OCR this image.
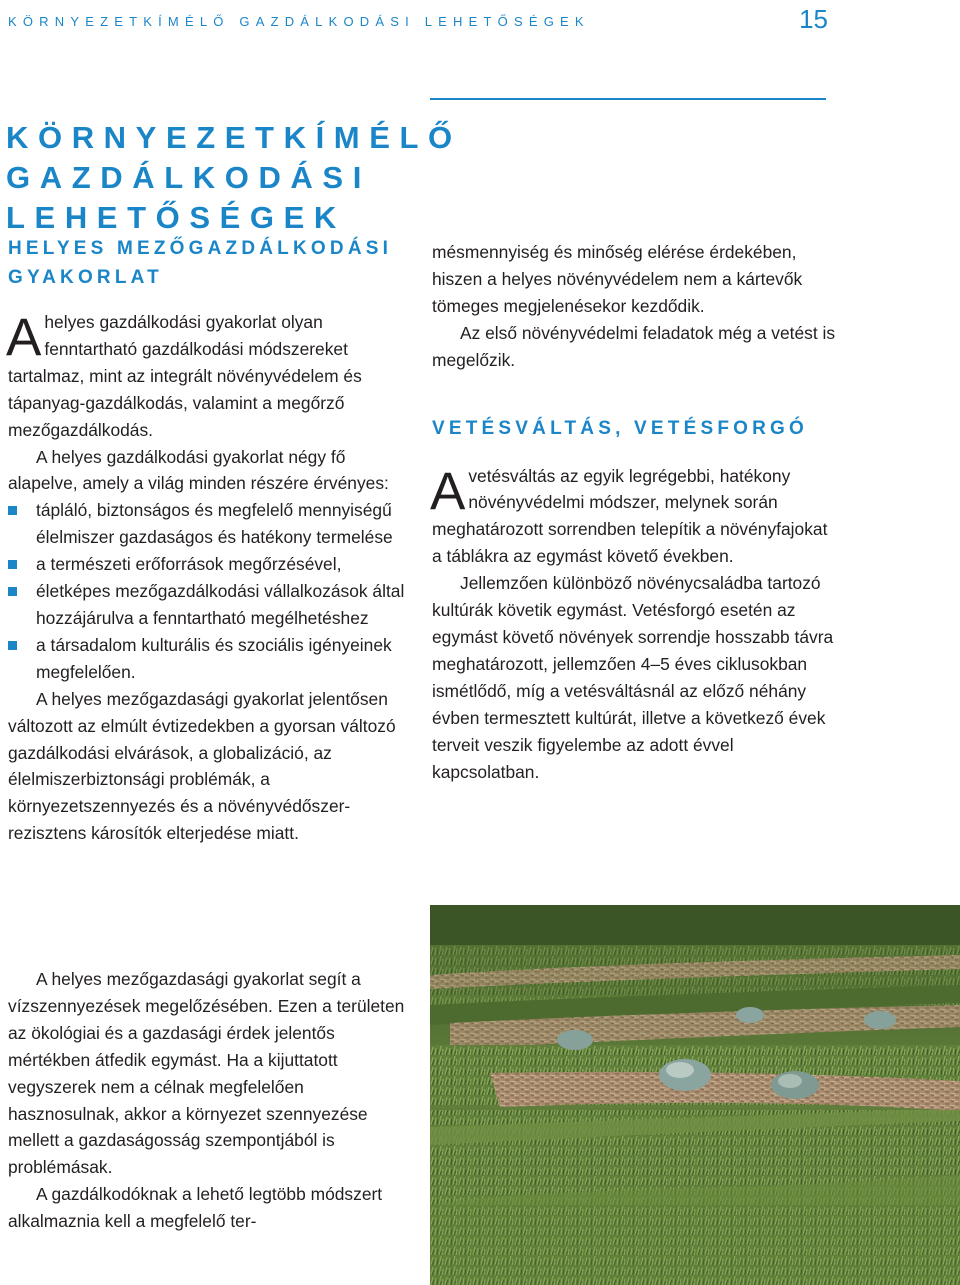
KÖRNYEZETKÍMÉLŐ GAZDÁLKODÁSI LEHETŐSÉGEK	15
KÖRNYEZETKÍMÉLŐ GAZDÁLKODÁSI
LEHETŐSÉGEK
HELYES MEZŐGAZDÁLKODÁSI
GYAKORLAT

Ahelyes gazdálkodási gyakorlat olyan fenntartható gazdálkodási módszereket tartalmaz, mint az integrált növényvédelem és tápanyag-gazdálkodás, valamint a megőrző mezőgazdálkodás.

A helyes gazdálkodási gyakorlat négy fő alapelve, amely a világ minden részére érvényes:

tápláló, biztonságos és megfelelő mennyiségű élelmiszer gazdaságos és hatékony termelése
a természeti erőforrások megőrzésével,
életképes mezőgazdálkodási vállalkozások által hozzájárulva a fenntartható megélhetéshez
a társadalom kulturális és szociális igényeinek megfelelően.

A helyes mezőgazdasági gyakorlat jelentősen változott az elmúlt évtizedekben a gyorsan változó gazdálkodási elvárások, a globalizáció, az élelmiszerbiztonsági problémák, a környezetszennyezés és a növényvédőszer-rezisztens károsítók elterjedése miatt.

A helyes mezőgazdasági gyakorlat segít a vízszennyezések megelőzésében. Ezen a területen az ökológiai és a gazdasági érdek jelentős mértékben átfedik egymást. Ha a kijuttatott vegyszerek nem a célnak megfelelően hasznosulnak, akkor a környezet szennyezése mellett a gazdaságosság szempontjából is problémásak.

A gazdálkodóknak a lehető legtöbb módszert alkalmaznia kell a megfelelő ter-

mésmennyiség és minőség elérése érdekében, hiszen a helyes növényvédelem nem a kártevők tömeges megjelenésekor kezdődik.

Az első növényvédelmi feladatok még a vetést is megelőzik.

VETÉSVÁLTÁS, VETÉSFORGÓ

Avetésváltás az egyik legrégebbi, hatékony növényvédelmi módszer, melynek során meghatározott sorrendben telepítik a növényfajokat a táblákra az egymást követő években.

Jellemzően különböző növénycsaládba tartozó kultúrák követik egymást. Vetésforgó esetén az egymást követő növények sorrendje hosszabb távra meghatározott, jellemzően 4–5 éves ciklusokban ismétlődő, míg a vetésváltásnál az előző néhány évben termesztett kultúrát, illetve a következő évek terveit veszik figyelembe az adott évvel kapcsolatban.
